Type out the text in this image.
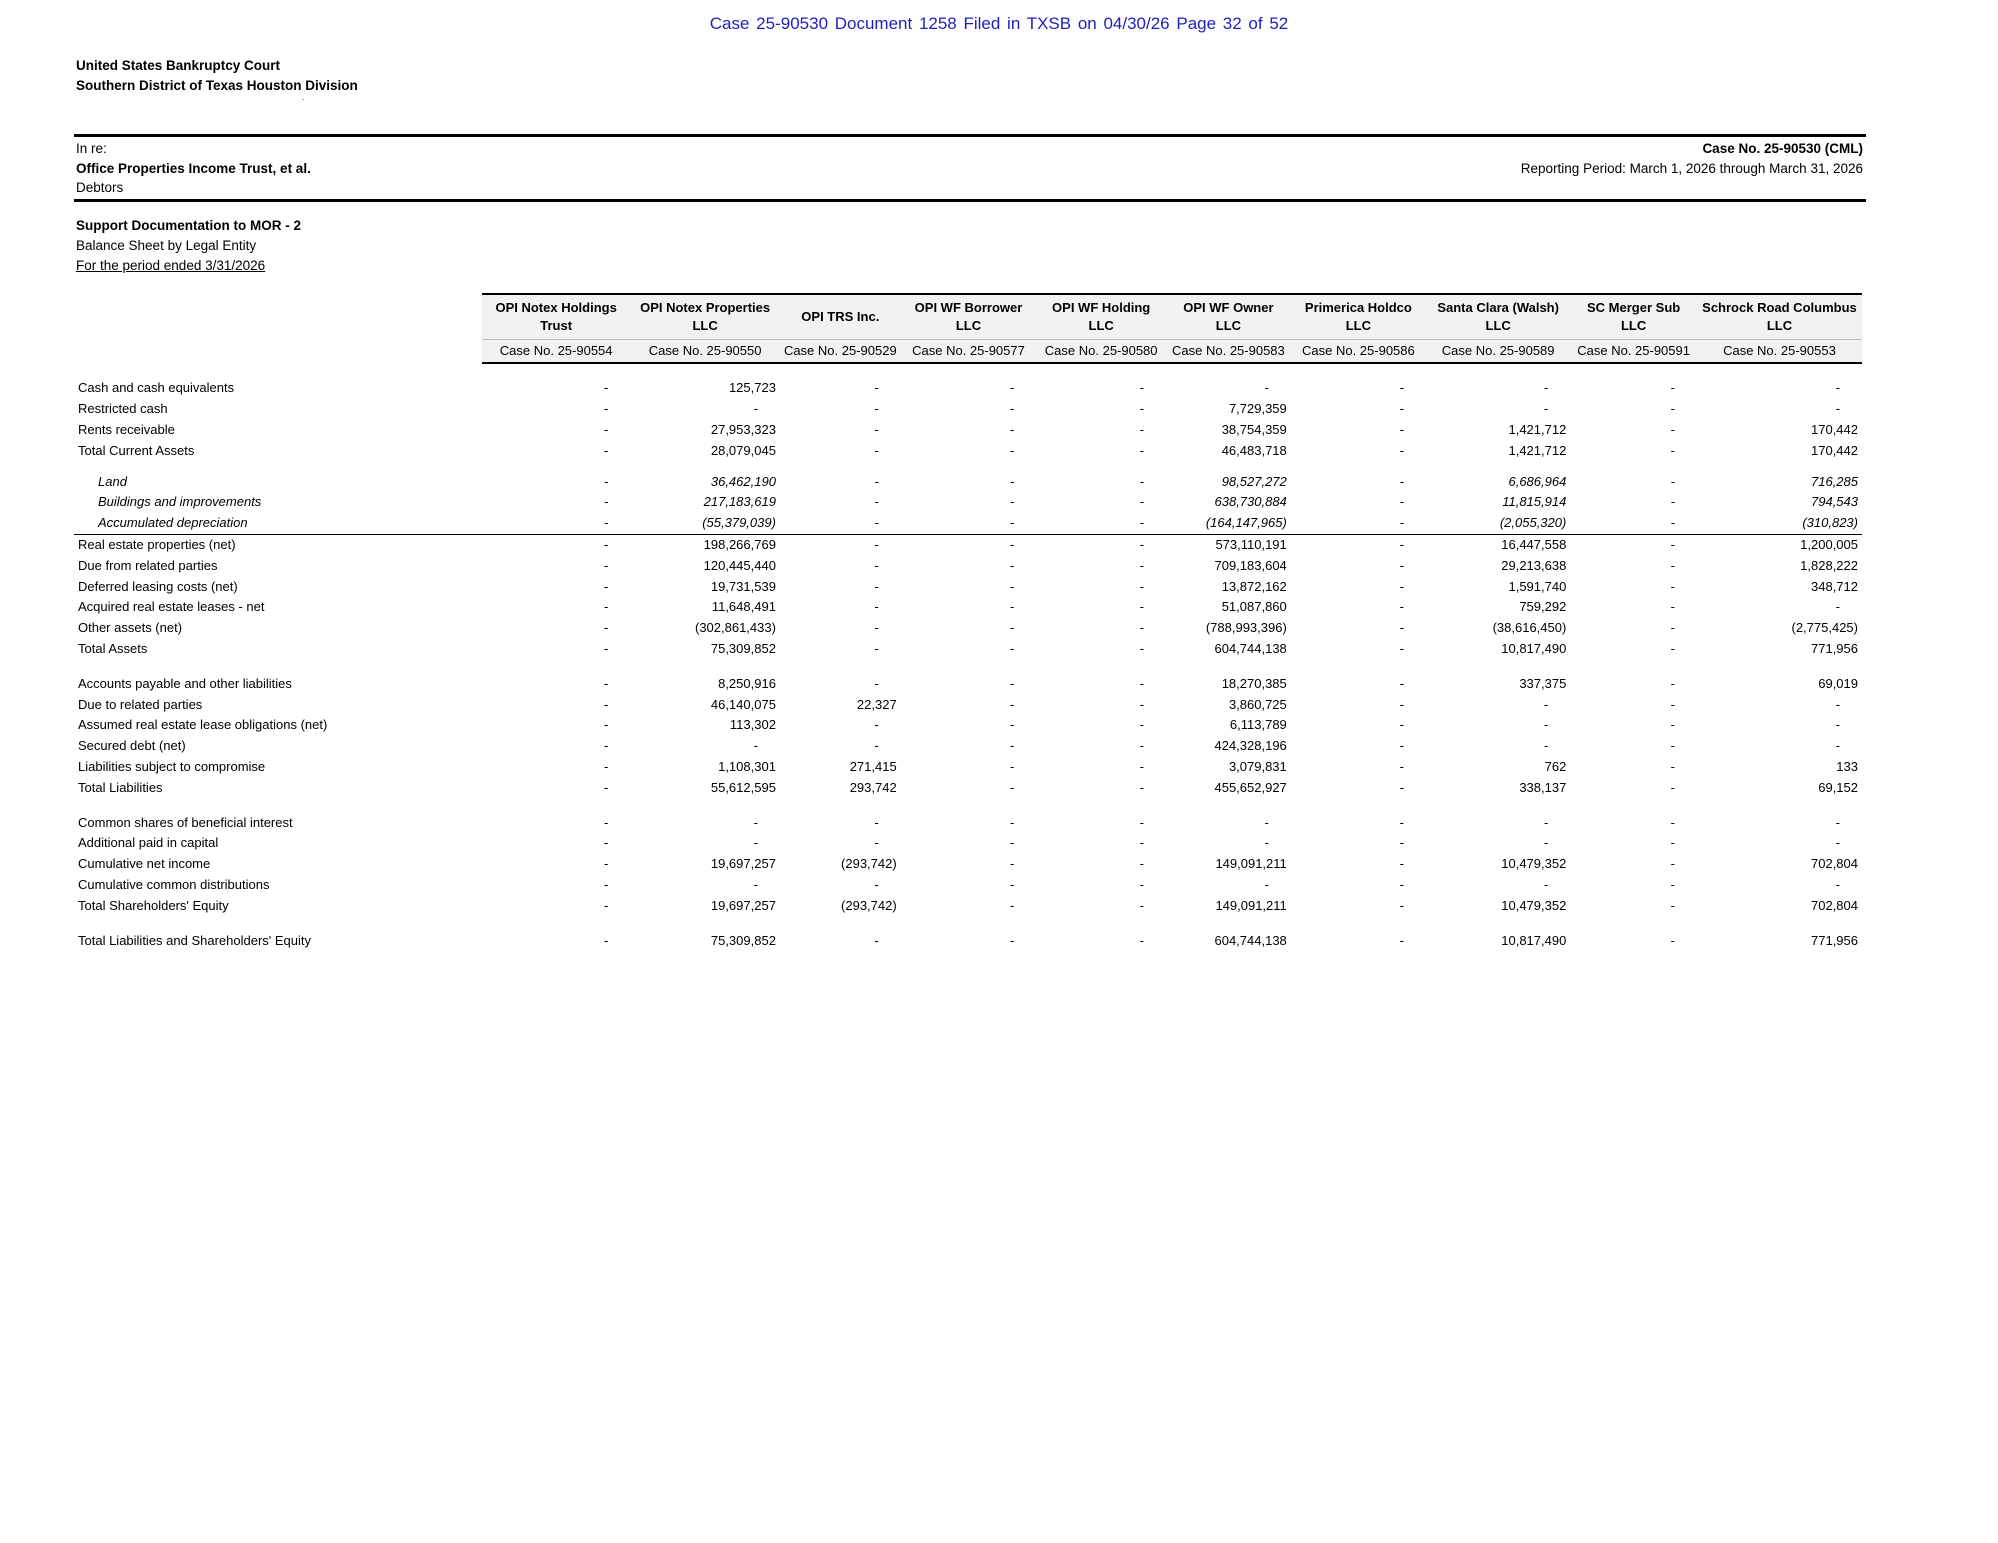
Case 25-90530 Document 1258 Filed in TXSB on 04/30/26 Page 32 of 52
United States Bankruptcy Court
Southern District of Texas Houston Division
.
In re:
Office Properties Income Trust, et al.
Debtors
Case No. 25-90530 (CML)
Reporting Period: March 1, 2026 through March 31, 2026
Support Documentation to MOR - 2
Balance Sheet by Legal Entity
For the period ended 3/31/2026
	OPI Notex Holdings Trust	OPI Notex Properties LLC	OPI TRS Inc.	OPI WF Borrower LLC	OPI WF Holding LLC	OPI WF Owner LLC	Primerica Holdco LLC	Santa Clara (Walsh) LLC	SC Merger Sub LLC	Schrock Road Columbus LLC
	Case No. 25-90554	Case No. 25-90550	Case No. 25-90529	Case No. 25-90577	Case No. 25-90580	Case No. 25-90583	Case No. 25-90586	Case No. 25-90589	Case No. 25-90591	Case No. 25-90553

Cash and cash equivalents	-	125,723	-	-	-	-	-	-	-	-
Restricted cash	-	-	-	-	-	7,729,359	-	-	-	-
Rents receivable	-	27,953,323	-	-	-	38,754,359	-	1,421,712	-	170,442
Total Current Assets	-	28,079,045	-	-	-	46,483,718	-	1,421,712	-	170,442

Land	-	36,462,190	-	-	-	98,527,272	-	6,686,964	-	716,285
Buildings and improvements	-	217,183,619	-	-	-	638,730,884	-	11,815,914	-	794,543
Accumulated depreciation	-	(55,379,039)	-	-	-	(164,147,965)	-	(2,055,320)	-	(310,823)
Real estate properties (net)	-	198,266,769	-	-	-	573,110,191	-	16,447,558	-	1,200,005
Due from related parties	-	120,445,440	-	-	-	709,183,604	-	29,213,638	-	1,828,222
Deferred leasing costs (net)	-	19,731,539	-	-	-	13,872,162	-	1,591,740	-	348,712
Acquired real estate leases - net	-	11,648,491	-	-	-	51,087,860	-	759,292	-	-
Other assets (net)	-	(302,861,433)	-	-	-	(788,993,396)	-	(38,616,450)	-	(2,775,425)
Total Assets	-	75,309,852	-	-	-	604,744,138	-	10,817,490	-	771,956

Accounts payable and other liabilities	-	8,250,916	-	-	-	18,270,385	-	337,375	-	69,019
Due to related parties	-	46,140,075	22,327	-	-	3,860,725	-	-	-	-
Assumed real estate lease obligations (net)	-	113,302	-	-	-	6,113,789	-	-	-	-
Secured debt (net)	-	-	-	-	-	424,328,196	-	-	-	-
Liabilities subject to compromise	-	1,108,301	271,415	-	-	3,079,831	-	762	-	133
Total Liabilities	-	55,612,595	293,742	-	-	455,652,927	-	338,137	-	69,152

Common shares of beneficial interest	-	-	-	-	-	-	-	-	-	-
Additional paid in capital	-	-	-	-	-	-	-	-	-	-
Cumulative net income	-	19,697,257	(293,742)	-	-	149,091,211	-	10,479,352	-	702,804
Cumulative common distributions	-	-	-	-	-	-	-	-	-	-
Total Shareholders' Equity	-	19,697,257	(293,742)	-	-	149,091,211	-	10,479,352	-	702,804

Total Liabilities and Shareholders' Equity	-	75,309,852	-	-	-	604,744,138	-	10,817,490	-	771,956
